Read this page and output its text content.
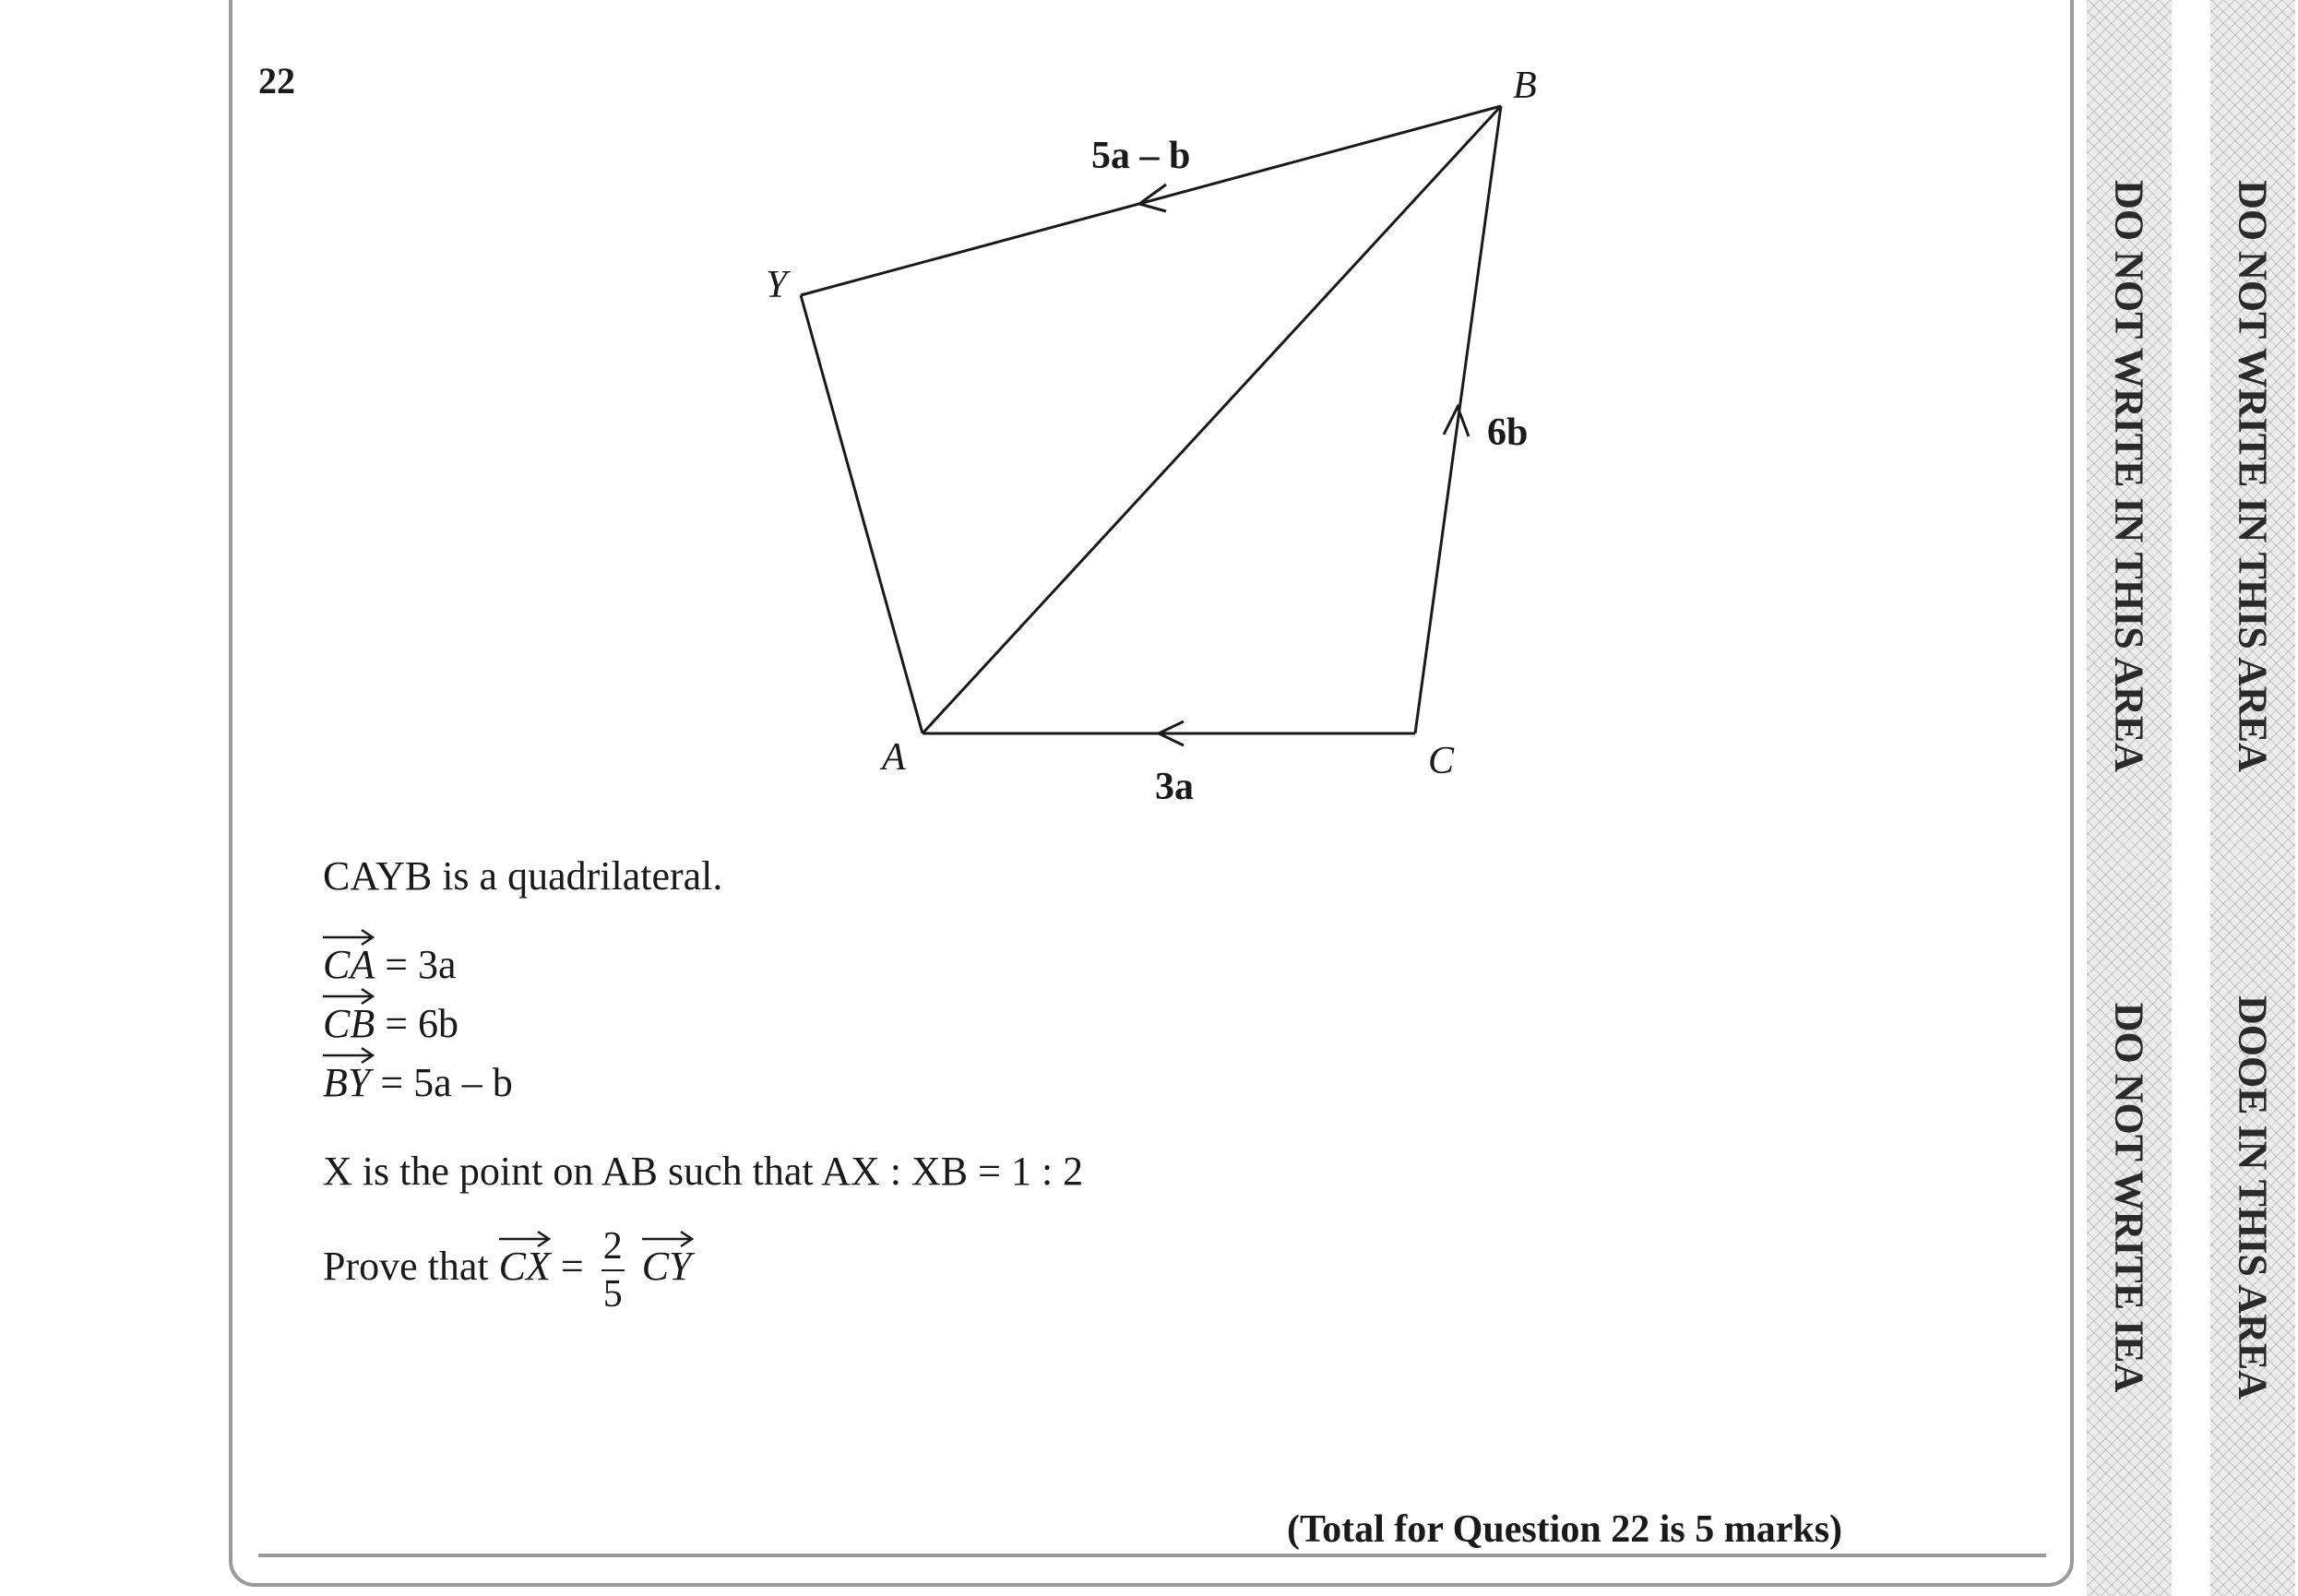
22	B
Y
A	C
5a – b
6b
3a
CAYB is a quadrilateral.
CA = 3a
CB = 6b
BY = 5a – b
X is the point on AB such that AX : XB = 1 : 2
Prove that CX = $\frac{2}{5}$
CY
(Total for Question 22 is 5 marks)
DO NOT WRITE IN THIS AREA
DO NOT WRITE IEA
DO NOT WRITE IN THIS AREA
DOOE IN THIS AREA
